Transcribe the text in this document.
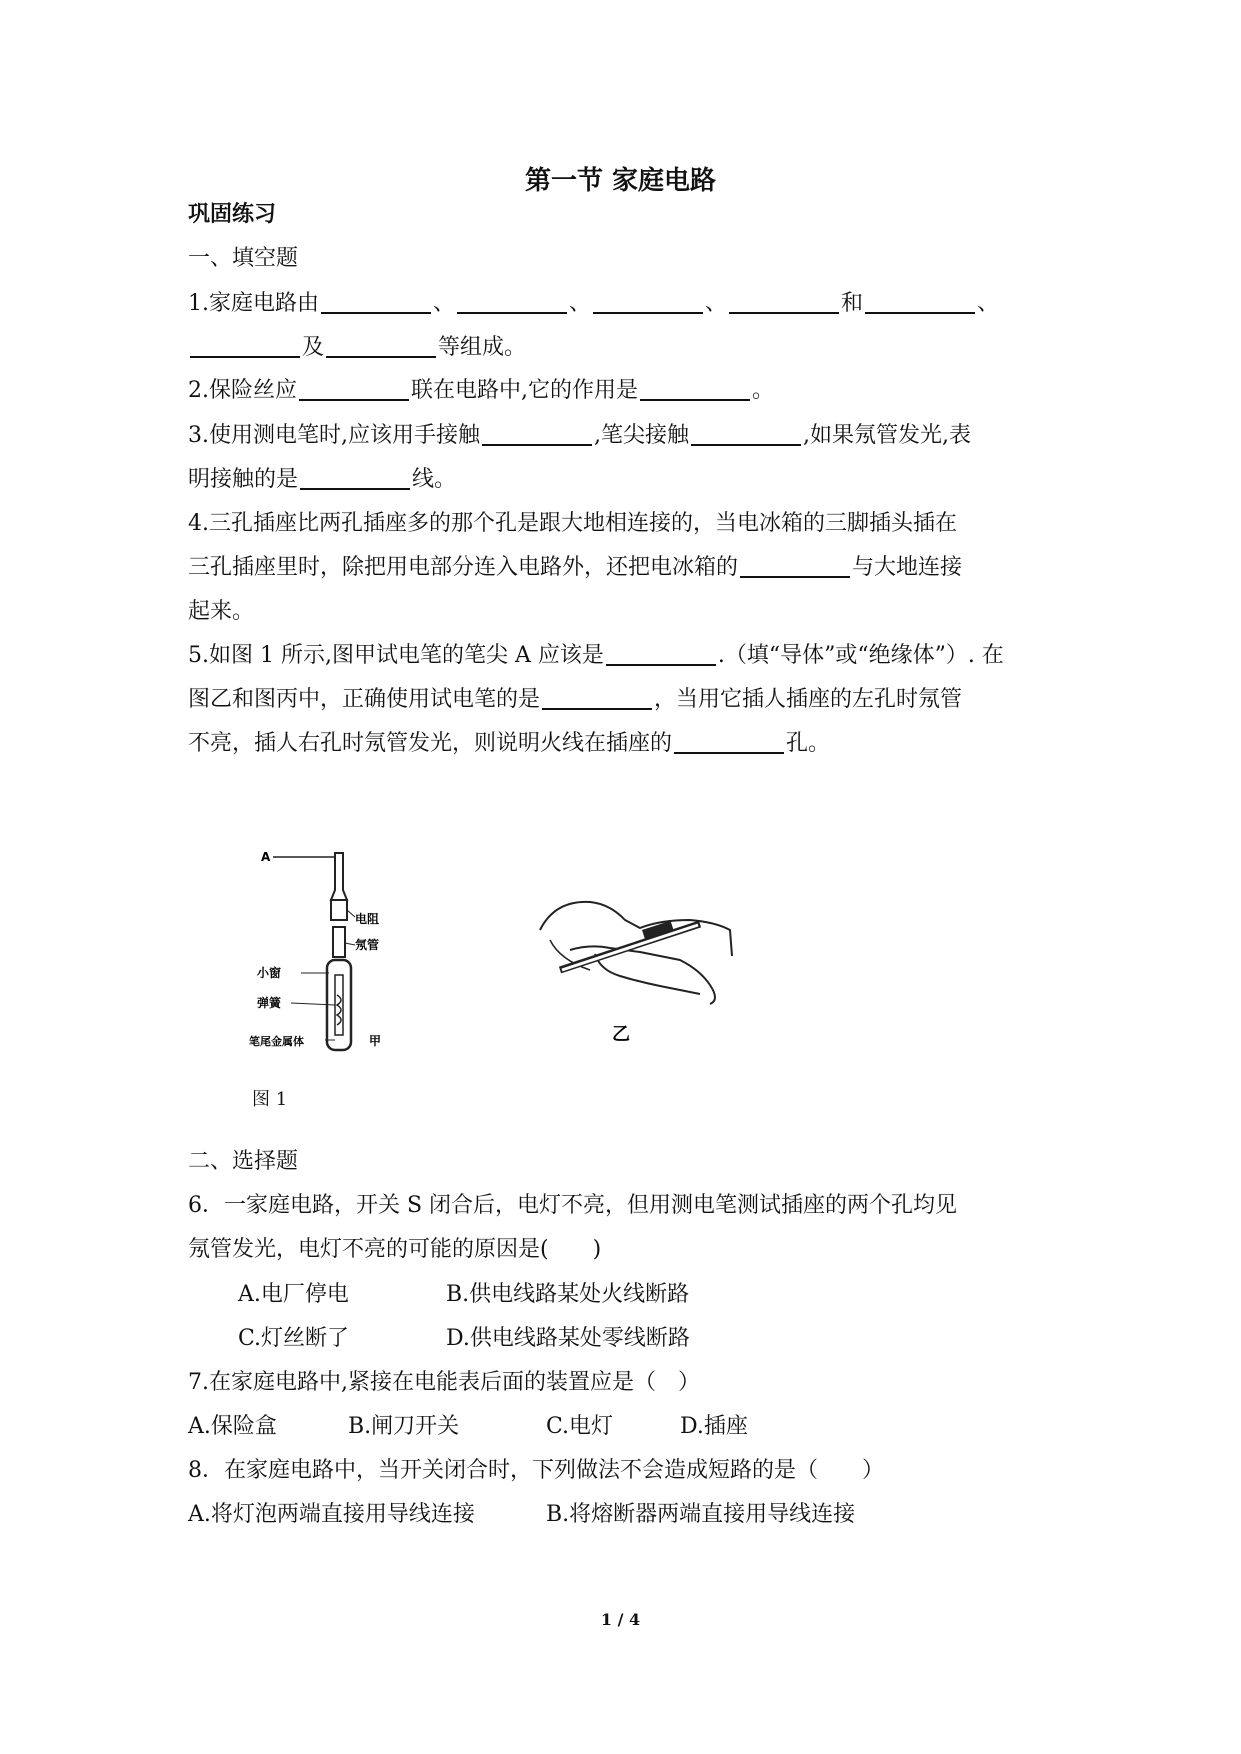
第一节 家庭电路
巩固练习
一、填空题
1.家庭电路由	、	、	、	和	、
及	等组成。
2.保险丝应	联在电路中,它的作用是	。
3.使用测电笔时,应该用手接触	,笔尖接触	,如果氖管发光,表
明接触的是	线。
4.三孔插座比两孔插座多的那个孔是跟大地相连接的，当电冰箱的三脚插头插在
三孔插座里时，除把用电部分连入电路外，还把电冰箱的	与大地连接
起来。
5.如图 1 所示,图甲试电笔的笔尖 A 应该是	.（填“导体”或“绝缘体”）. 在
图乙和图丙中，正确使用试电笔的是	，当用它插人插座的左孔时氖管
不亮，插人右孔时氖管发光，则说明火线在插座的	孔。
A
电阻
氖管
小窗
弹簧
笔尾金属体	甲	乙
图 1
二、选择题
6．一家庭电路，开关 S 闭合后，电灯不亮，但用测电笔测试插座的两个孔均见
氖管发光，电灯不亮的可能的原因是(　　)
A.电厂停电	B.供电线路某处火线断路
C.灯丝断了	D.供电线路某处零线断路
7.在家庭电路中,紧接在电能表后面的装置应是（　）
A.保险盒	B.闸刀开关	C.电灯	D.插座
8．在家庭电路中，当开关闭合时，下列做法不会造成短路的是（　　）
A.将灯泡两端直接用导线连接	B.将熔断器两端直接用导线连接
1 / 4
